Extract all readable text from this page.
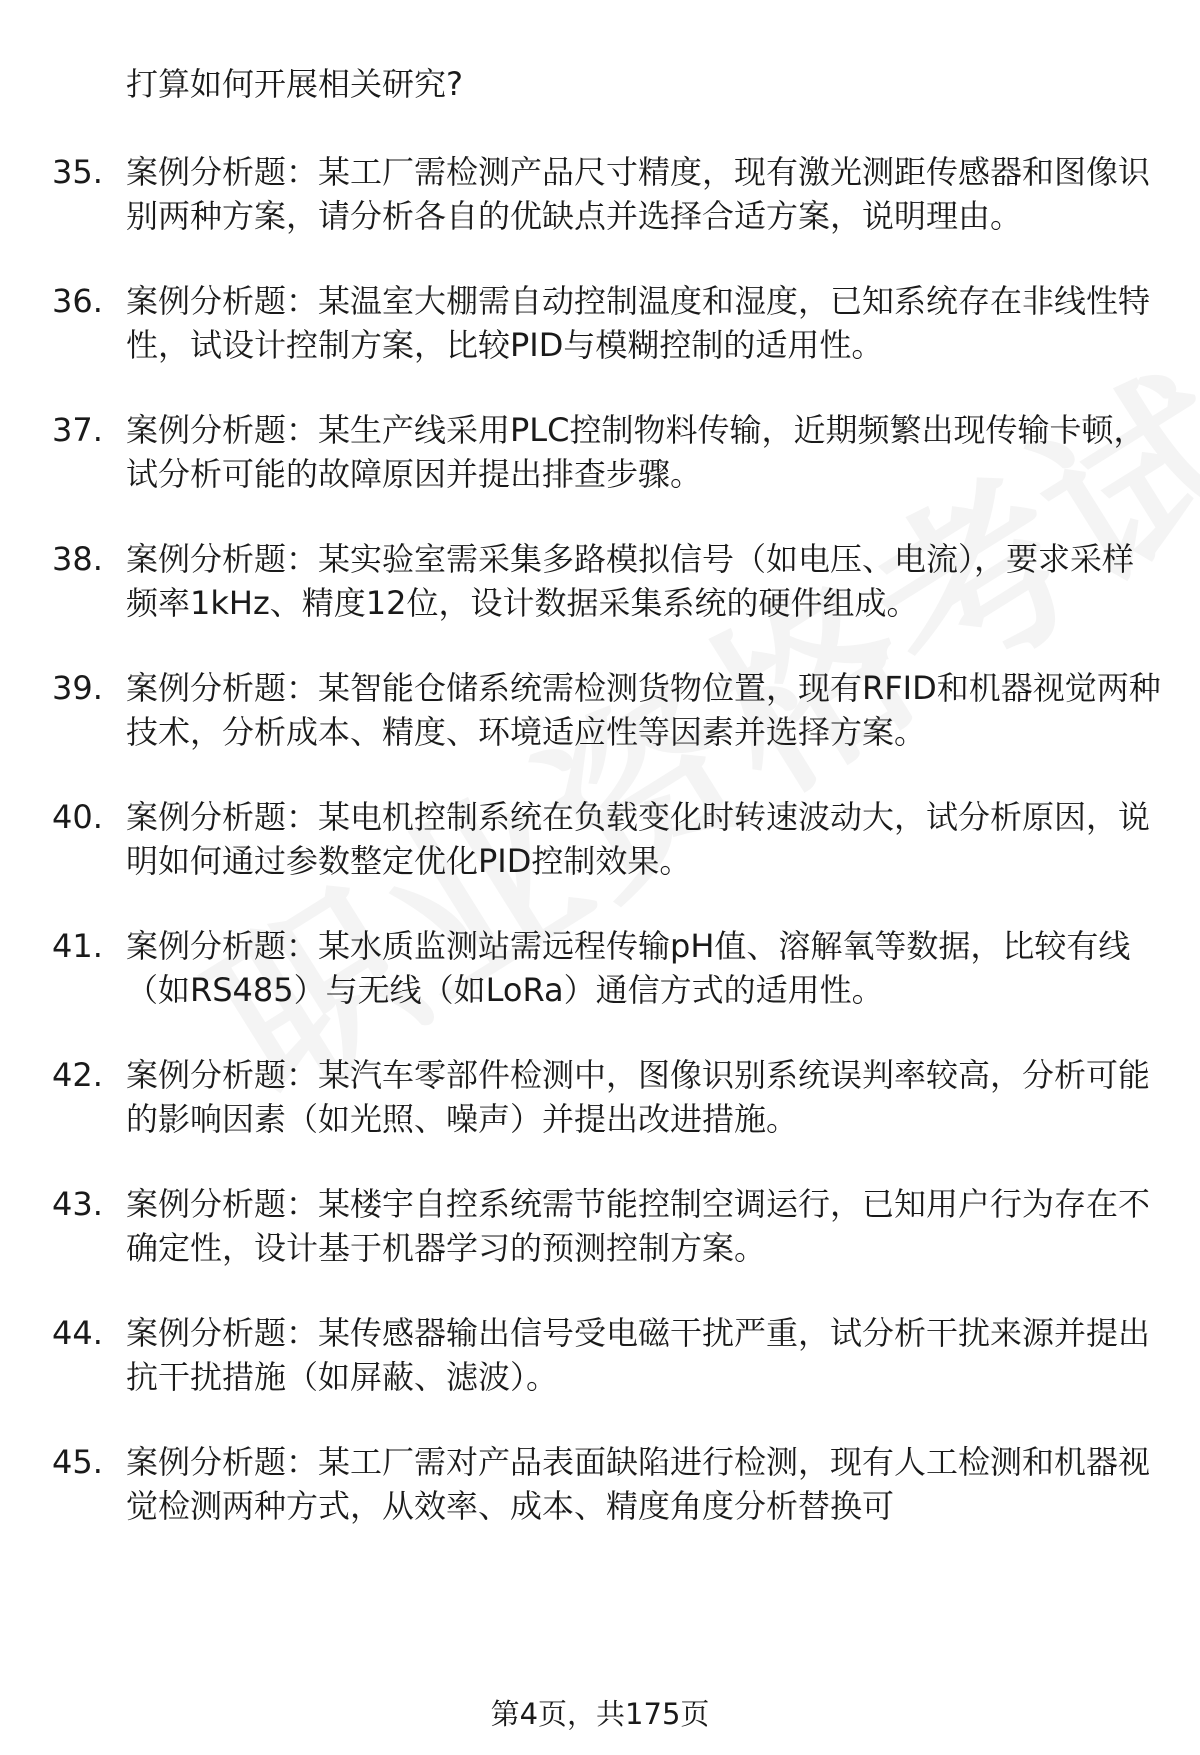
打算如何开展相关研究?

35. 案例分析题：某工厂需检测产品尺寸精度，现有激光测距传感器和图像识别两种方案，请分析各自的优缺点并选择合适方案，说明理由。
36. 案例分析题：某温室大棚需自动控制温度和湿度，已知系统存在非线性特性，试设计控制方案，比较PID与模糊控制的适用性。
37. 案例分析题：某生产线采用PLC控制物料传输，近期频繁出现传输卡顿，试分析可能的故障原因并提出排查步骤。
38. 案例分析题：某实验室需采集多路模拟信号（如电压、电流），要求采样频率1kHz、精度12位，设计数据采集系统的硬件组成。
39. 案例分析题：某智能仓储系统需检测货物位置，现有RFID和机器视觉两种技术，分析成本、精度、环境适应性等因素并选择方案。
40. 案例分析题：某电机控制系统在负载变化时转速波动大，试分析原因，说明如何通过参数整定优化PID控制效果。
41. 案例分析题：某水质监测站需远程传输pH值、溶解氧等数据，比较有线（如RS485）与无线（如LoRa）通信方式的适用性。
42. 案例分析题：某汽车零部件检测中，图像识别系统误判率较高，分析可能的影响因素（如光照、噪声）并提出改进措施。
43. 案例分析题：某楼宇自控系统需节能控制空调运行，已知用户行为存在不确定性，设计基于机器学习的预测控制方案。
44. 案例分析题：某传感器输出信号受电磁干扰严重，试分析干扰来源并提出抗干扰措施（如屏蔽、滤波）。
45. 案例分析题：某工厂需对产品表面缺陷进行检测，现有人工检测和机器视觉检测两种方式，从效率、成本、精度角度分析替换可
第4页，共175页
